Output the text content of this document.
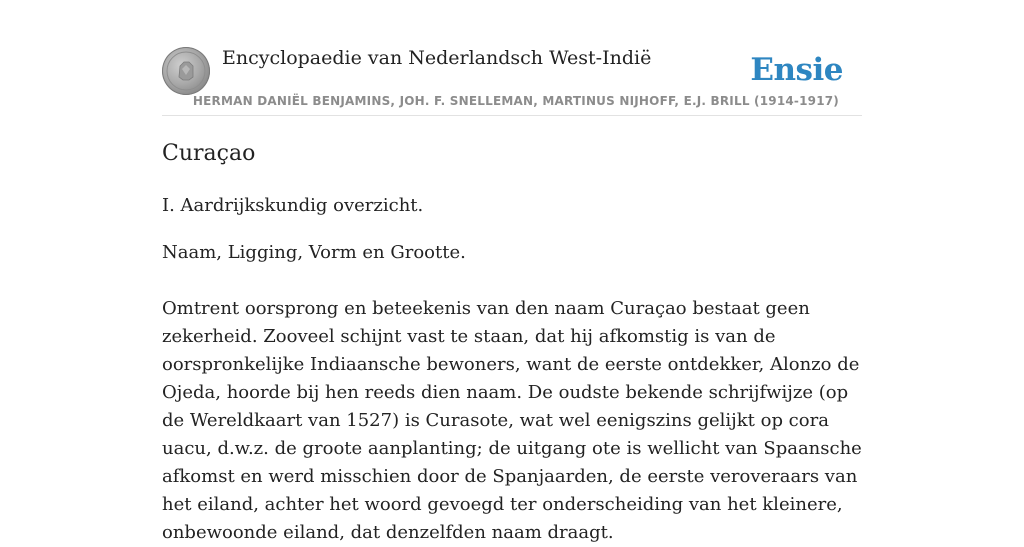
Encyclopaedie van Nederlandsch West-Indië	Ensie
HERMAN DANIËL BENJAMINS, JOH. F. SNELLEMAN, MARTINUS NIJHOFF, E.J. BRILL (1914-1917)
Curaçao
I. Aardrijkskundig overzicht.
Naam, Ligging, Vorm en Grootte.

Omtrent oorsprong en beteekenis van den naam Curaçao bestaat geen zekerheid. Zooveel schijnt vast te staan, dat hij afkomstig is van de oorspronkelijke Indiaansche bewoners, want de eerste ontdekker, Alonzo de Ojeda, hoorde bij hen reeds dien naam. De oudste bekende schrijfwijze (op de Wereldkaart van 1527) is Curasote, wat wel eenigszins gelijkt op cora uacu, d.w.z. de groote aanplanting; de uitgang ote is wellicht van Spaansche afkomst en werd misschien door de Spanjaarden, de eerste veroveraars van het eiland, achter het woord gevoegd ter onderscheiding van het kleinere, onbewoonde eiland, dat denzelfden naam draagt.
